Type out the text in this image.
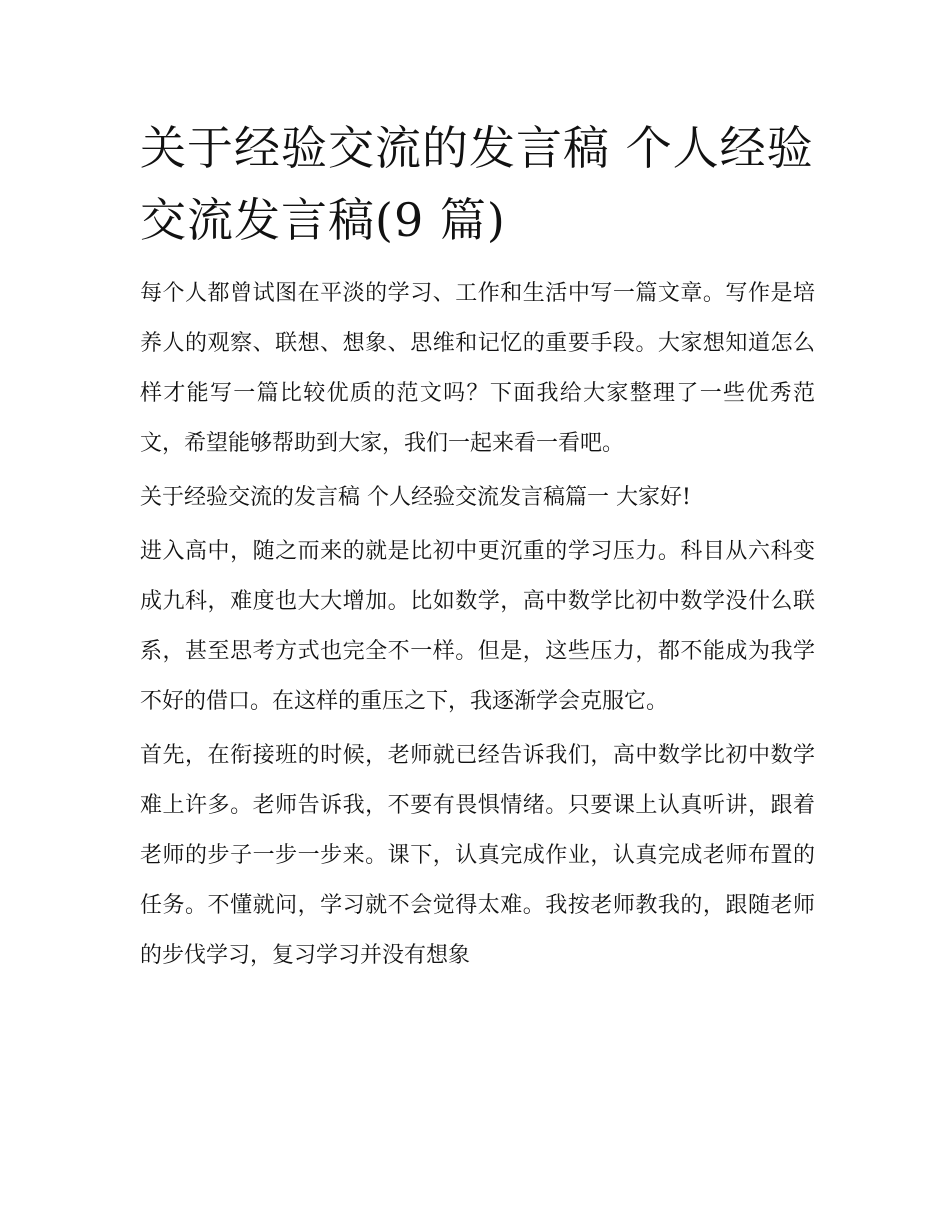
关于经验交流的发言稿 个人经验交流发言稿(9 篇)

每个人都曾试图在平淡的学习、工作和生活中写一篇文章。写作是培养人的观察、联想、想象、思维和记忆的重要手段。大家想知道怎么样才能写一篇比较优质的范文吗？下面我给大家整理了一些优秀范文，希望能够帮助到大家，我们一起来看一看吧。

关于经验交流的发言稿 个人经验交流发言稿篇一 大家好!

进入高中，随之而来的就是比初中更沉重的学习压力。科目从六科变成九科，难度也大大增加。比如数学，高中数学比初中数学没什么联系，甚至思考方式也完全不一样。但是，这些压力，都不能成为我学不好的借口。在这样的重压之下，我逐渐学会克服它。

首先，在衔接班的时候，老师就已经告诉我们，高中数学比初中数学难上许多。老师告诉我，不要有畏惧情绪。只要课上认真听讲，跟着老师的步子一步一步来。课下，认真完成作业，认真完成老师布置的任务。不懂就问，学习就不会觉得太难。我按老师教我的，跟随老师的步伐学习，复习学习并没有想象
